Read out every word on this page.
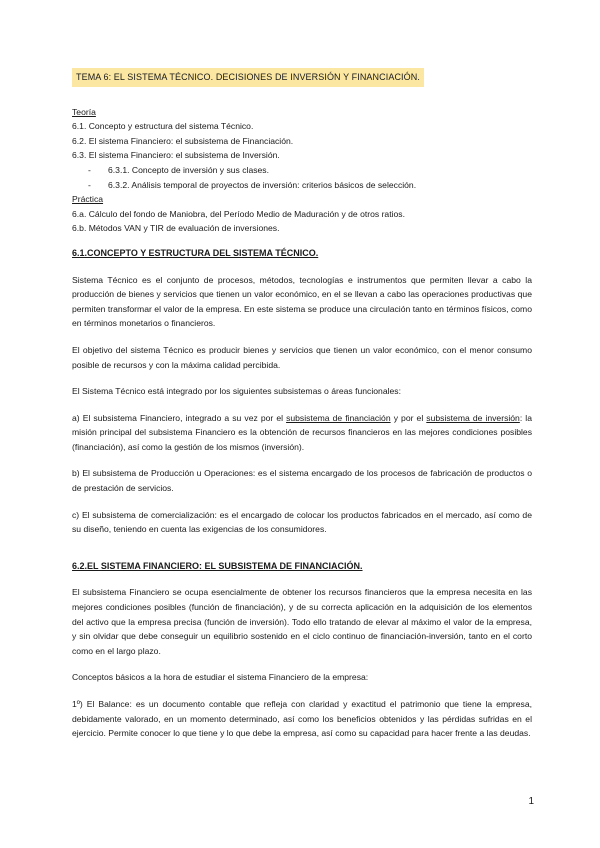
TEMA 6: EL SISTEMA TÉCNICO. DECISIONES DE INVERSIÓN Y FINANCIACIÓN.
Teoría
6.1. Concepto y estructura del sistema Técnico.
6.2. El sistema Financiero: el subsistema de Financiación.
6.3. El sistema Financiero: el subsistema de Inversión.
- 6.3.1. Concepto de inversión y sus clases.
- 6.3.2. Análisis temporal de proyectos de inversión: criterios básicos de selección.
Práctica
6.a. Cálculo del fondo de Maniobra, del Período Medio de Maduración y de otros ratios.
6.b. Métodos VAN y TIR de evaluación de inversiones.
6.1.CONCEPTO Y ESTRUCTURA DEL SISTEMA TÉCNICO.

Sistema Técnico es el conjunto de procesos, métodos, tecnologías e instrumentos que permiten llevar a cabo la producción de bienes y servicios que tienen un valor económico, en el se llevan a cabo las operaciones productivas que permiten transformar el valor de la empresa. En este sistema se produce una circulación tanto en términos físicos, como en términos monetarios o financieros.

El objetivo del sistema Técnico es producir bienes y servicios que tienen un valor económico, con el menor consumo posible de recursos y con la máxima calidad percibida.

El Sistema Técnico está integrado por los siguientes subsistemas o áreas funcionales:

a) El subsistema Financiero, integrado a su vez por el subsistema de financiación y por el subsistema de inversión: la misión principal del subsistema Financiero es la obtención de recursos financieros en las mejores condiciones posibles (financiación), así como la gestión de los mismos (inversión).

b) El subsistema de Producción u Operaciones: es el sistema encargado de los procesos de fabricación de productos o de prestación de servicios.

c) El subsistema de comercialización: es el encargado de colocar los productos fabricados en el mercado, así como de su diseño, teniendo en cuenta las exigencias de los consumidores.

6.2.EL SISTEMA FINANCIERO: EL SUBSISTEMA DE FINANCIACIÓN.

El subsistema Financiero se ocupa esencialmente de obtener los recursos financieros que la empresa necesita en las mejores condiciones posibles (función de financiación), y de su correcta aplicación en la adquisición de los elementos del activo que la empresa precisa (función de inversión). Todo ello tratando de elevar al máximo el valor de la empresa, y sin olvidar que debe conseguir un equilibrio sostenido en el ciclo continuo de financiación-inversión, tanto en el corto como en el largo plazo.

Conceptos básicos a la hora de estudiar el sistema Financiero de la empresa:

1º) El Balance: es un documento contable que refleja con claridad y exactitud el patrimonio que tiene la empresa, debidamente valorado, en un momento determinado, así como los beneficios obtenidos y las pérdidas sufridas en el ejercicio. Permite conocer lo que tiene y lo que debe la empresa, así como su capacidad para hacer frente a las deudas.

1
